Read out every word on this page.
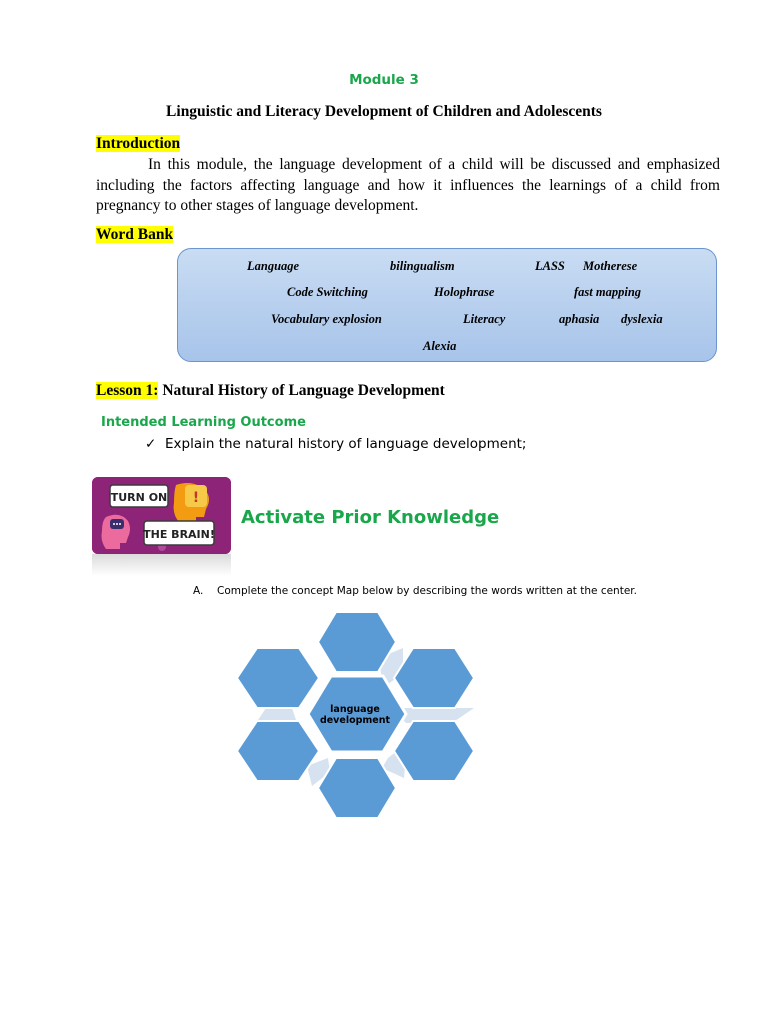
Module 3
Linguistic and Literacy Development of Children and Adolescents
Introduction
In this module, the language development of a child will be discussed and emphasized including the factors affecting language and how it influences the learnings of a child from pregnancy to other stages of language development.
Word Bank
Language	bilingualism	LASS Motherese
Code Switching	Holophrase	fast mapping
Vocabulary explosion	Literacy	aphasia dyslexia
Alexia
Lesson 1: Natural History of Language Development
Intended Learning Outcome
✓ Explain the natural history of language development;
TURN ON !
THE BRAIN!
Activate Prior Knowledge
A. Complete the concept Map below by describing the words written at the center.
language
development
